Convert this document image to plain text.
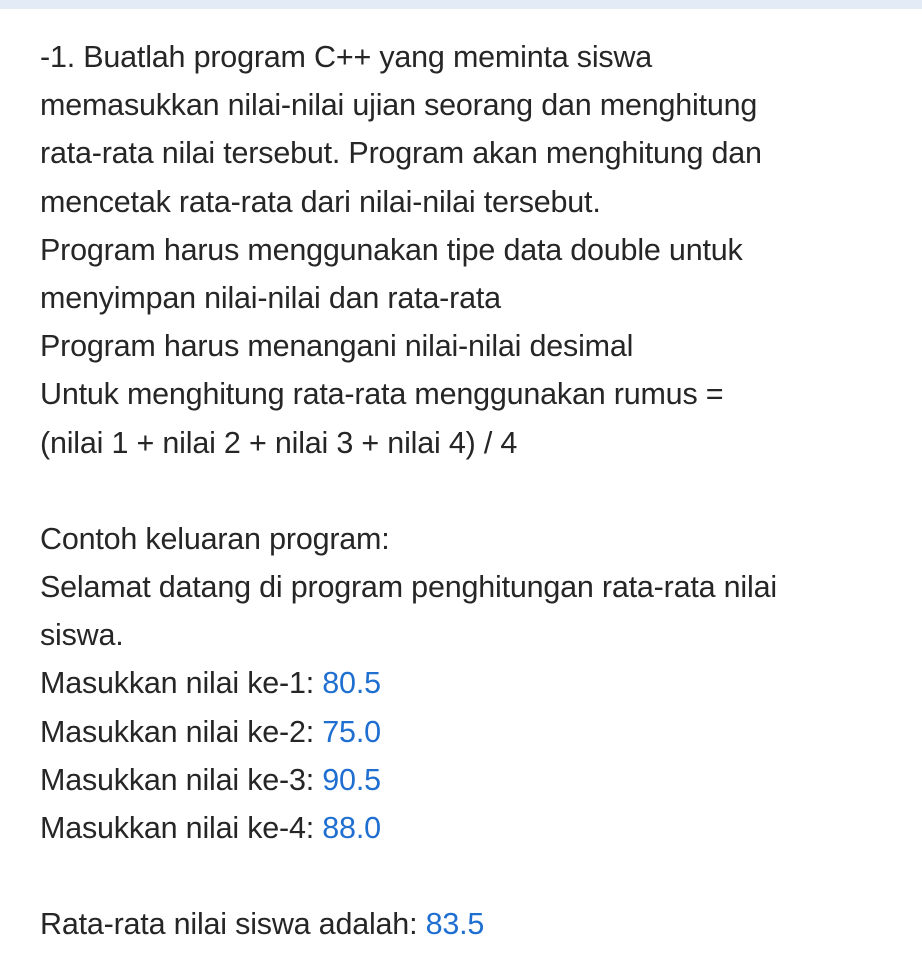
-1. Buatlah program C++ yang meminta siswa
memasukkan nilai-nilai ujian seorang dan menghitung
rata-rata nilai tersebut. Program akan menghitung dan
mencetak rata-rata dari nilai-nilai tersebut.
Program harus menggunakan tipe data double untuk
menyimpan nilai-nilai dan rata-rata
Program harus menangani nilai-nilai desimal
Untuk menghitung rata-rata menggunakan rumus =
(nilai 1 + nilai 2 + nilai 3 + nilai 4) / 4
Contoh keluaran program:
Selamat datang di program penghitungan rata-rata nilai
siswa.
Masukkan nilai ke-1: 80.5
Masukkan nilai ke-2: 75.0
Masukkan nilai ke-3: 90.5
Masukkan nilai ke-4: 88.0
Rata-rata nilai siswa adalah: 83.5
